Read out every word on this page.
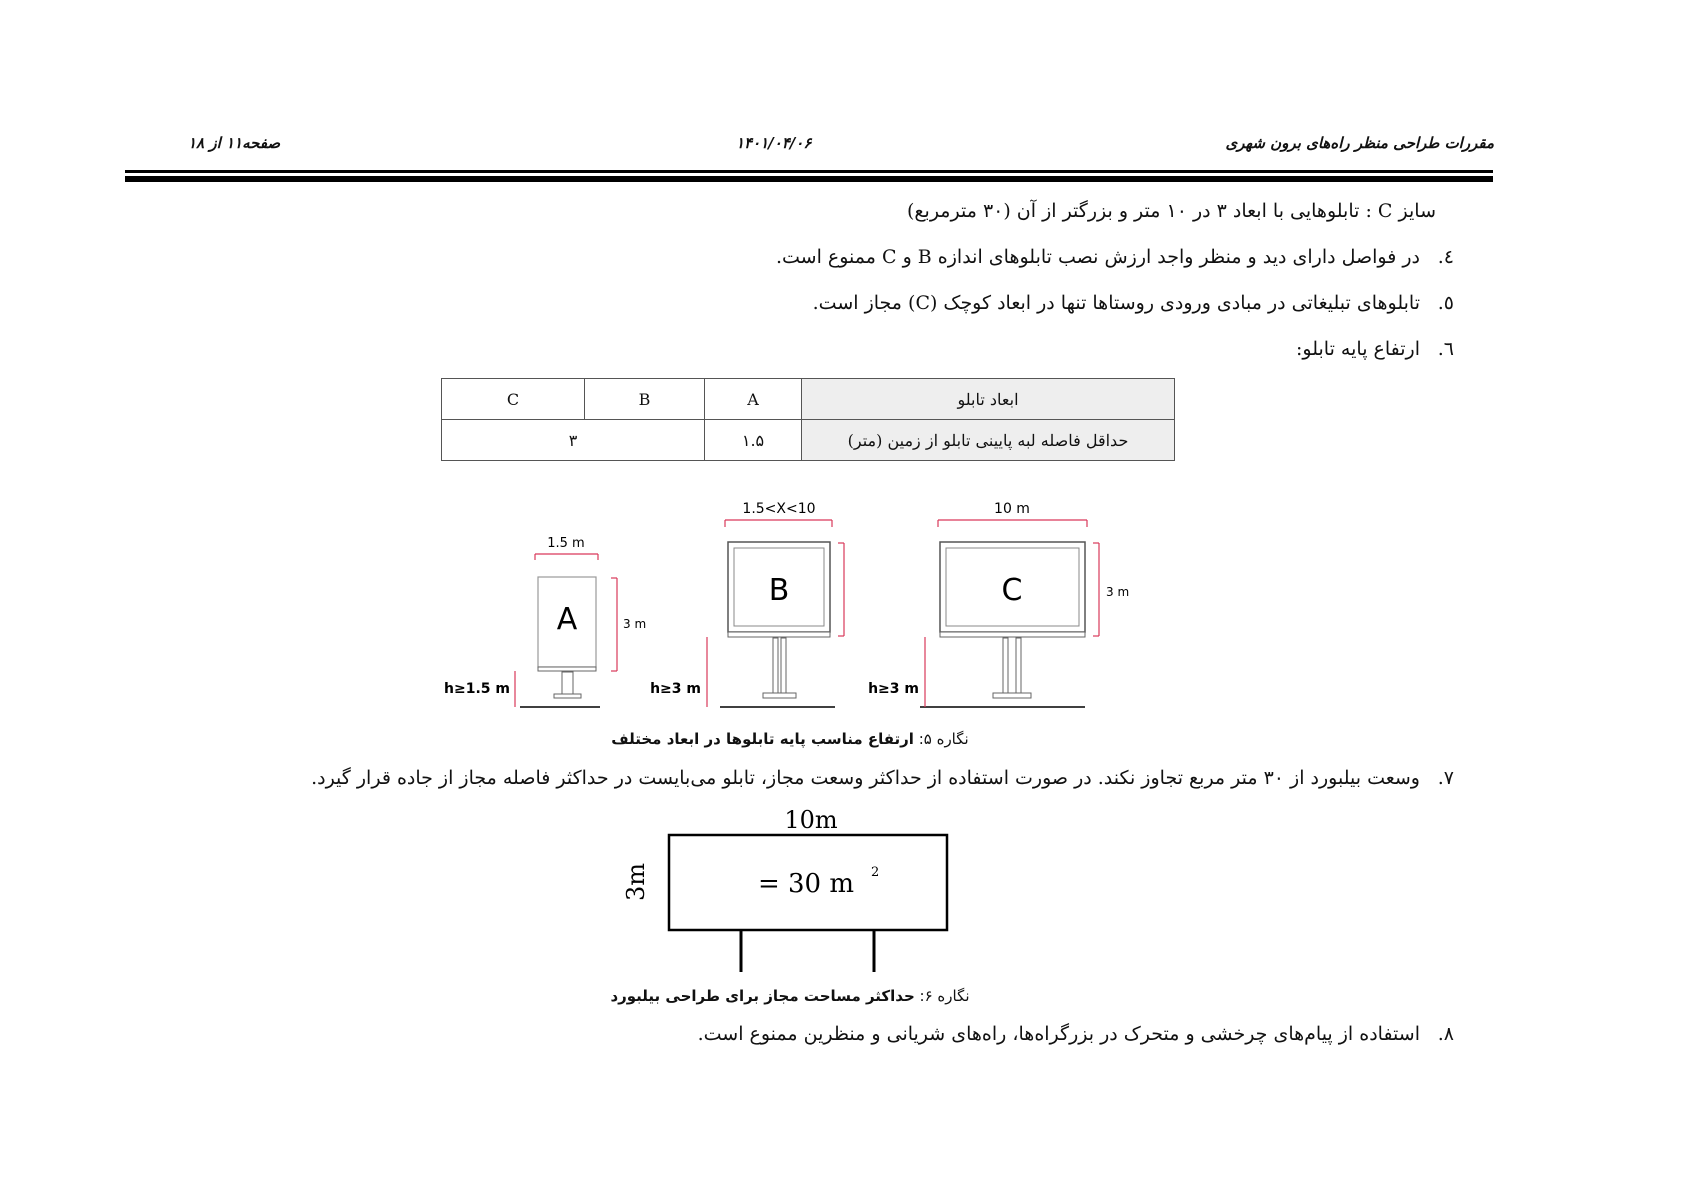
صفحه۱۱ از ۱۸	۱۴۰۱/۰۴/۰۶	مقررات طراحی منظر راه‌های برون شهری
سایز C : تابلوهایی با ابعاد ۳ در ۱۰ متر و بزرگتر از آن (۳۰ مترمربع)
٤.در فواصل دارای دید و منظر واجد ارزش نصب تابلوهای اندازه B و C ممنوع است.
٥.تابلوهای تبلیغاتی در مبادی ورودی روستاها تنها در ابعاد کوچک (C) مجاز است.
٦.ارتفاع پایه تابلو:
ابعاد تابلو	A	B	C
حداقل فاصله لبه پایینی تابلو از زمین (متر)	۱.۵	۳	
1.5 m
A	3 m
h≥1.5 m
1.5<X<10
B
h≥3 m
10 m
C	3 m
h≥3 m
نگاره ۵: ارتفاع مناسب پایه تابلوها در ابعاد مختلف
٧.وسعت بیلبورد از ۳۰ متر مربع تجاوز نکند. در صورت استفاده از حداکثر وسعت مجاز، تابلو می‌بایست در حداکثر فاصله مجاز از جاده قرار گیرد.
10m
3m	= 30 m 2
نگاره ۶: حداکثر مساحت مجاز برای طراحی بیلبورد
٨.استفاده از پیام‌های چرخشی و متحرک در بزرگراه‌ها، راه‌های شریانی و منظرین ممنوع است.
